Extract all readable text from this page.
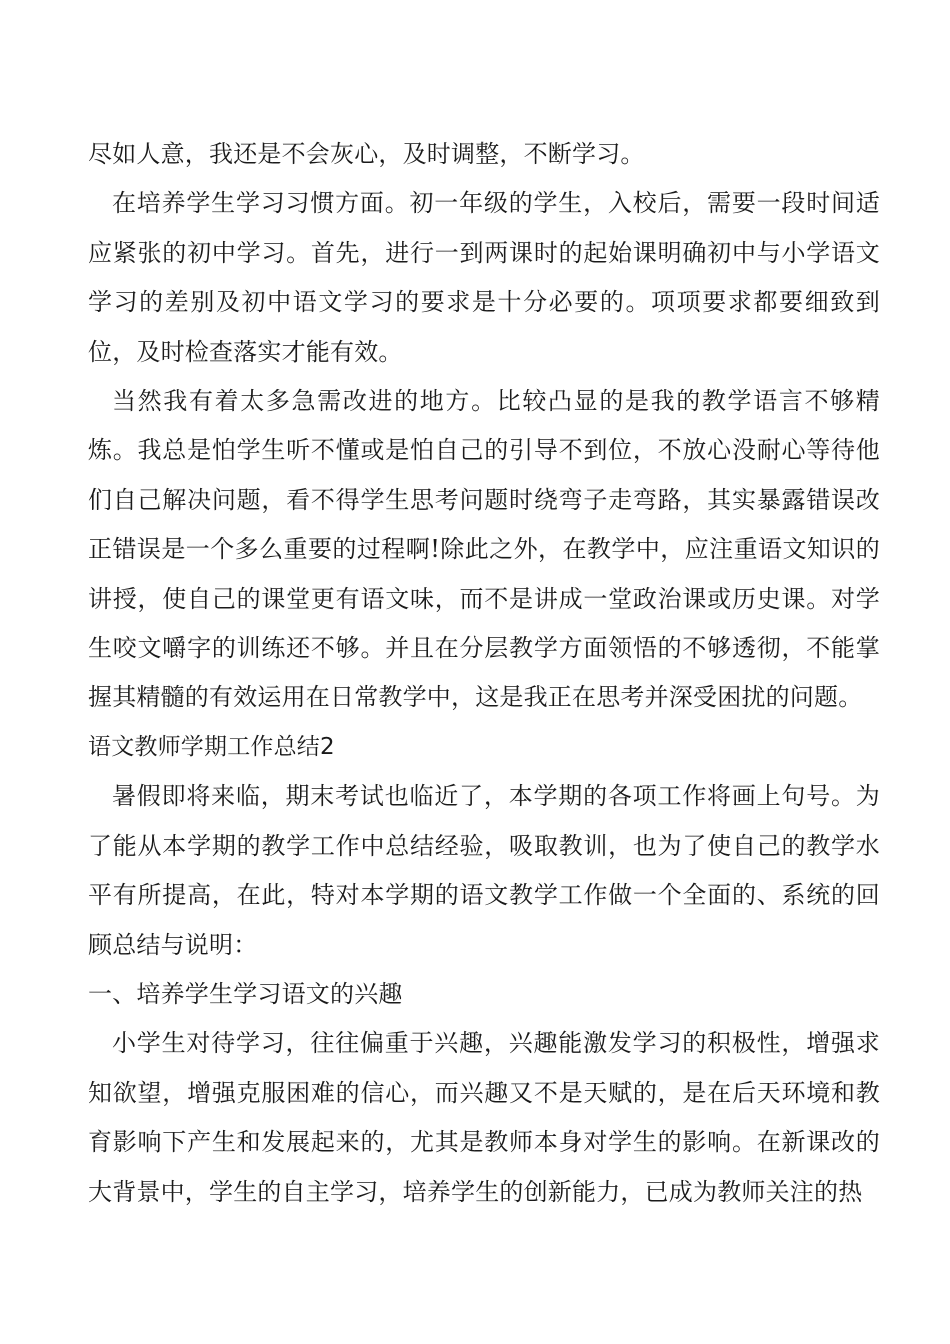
尽如人意，我还是不会灰心，及时调整，不断学习。

在培养学生学习习惯方面。初一年级的学生，入校后，需要一段时间适应紧张的初中学习。首先，进行一到两课时的起始课明确初中与小学语文学习的差别及初中语文学习的要求是十分必要的。项项要求都要细致到位，及时检查落实才能有效。

当然我有着太多急需改进的地方。比较凸显的是我的教学语言不够精炼。我总是怕学生听不懂或是怕自己的引导不到位，不放心没耐心等待他们自己解决问题，看不得学生思考问题时绕弯子走弯路，其实暴露错误改正错误是一个多么重要的过程啊!除此之外，在教学中，应注重语文知识的讲授，使自己的课堂更有语文味，而不是讲成一堂政治课或历史课。对学生咬文嚼字的训练还不够。并且在分层教学方面领悟的不够透彻，不能掌握其精髓的有效运用在日常教学中，这是我正在思考并深受困扰的问题。

语文教师学期工作总结2

暑假即将来临，期末考试也临近了，本学期的各项工作将画上句号。为了能从本学期的教学工作中总结经验，吸取教训，也为了使自己的教学水平有所提高，在此，特对本学期的语文教学工作做一个全面的、系统的回顾总结与说明：

一、培养学生学习语文的兴趣

小学生对待学习，往往偏重于兴趣，兴趣能激发学习的积极性，增强求知欲望，增强克服困难的信心，而兴趣又不是天赋的，是在后天环境和教育影响下产生和发展起来的，尤其是教师本身对学生的影响。在新课改的大背景中，学生的自主学习，培养学生的创新能力，已成为教师关注的热
